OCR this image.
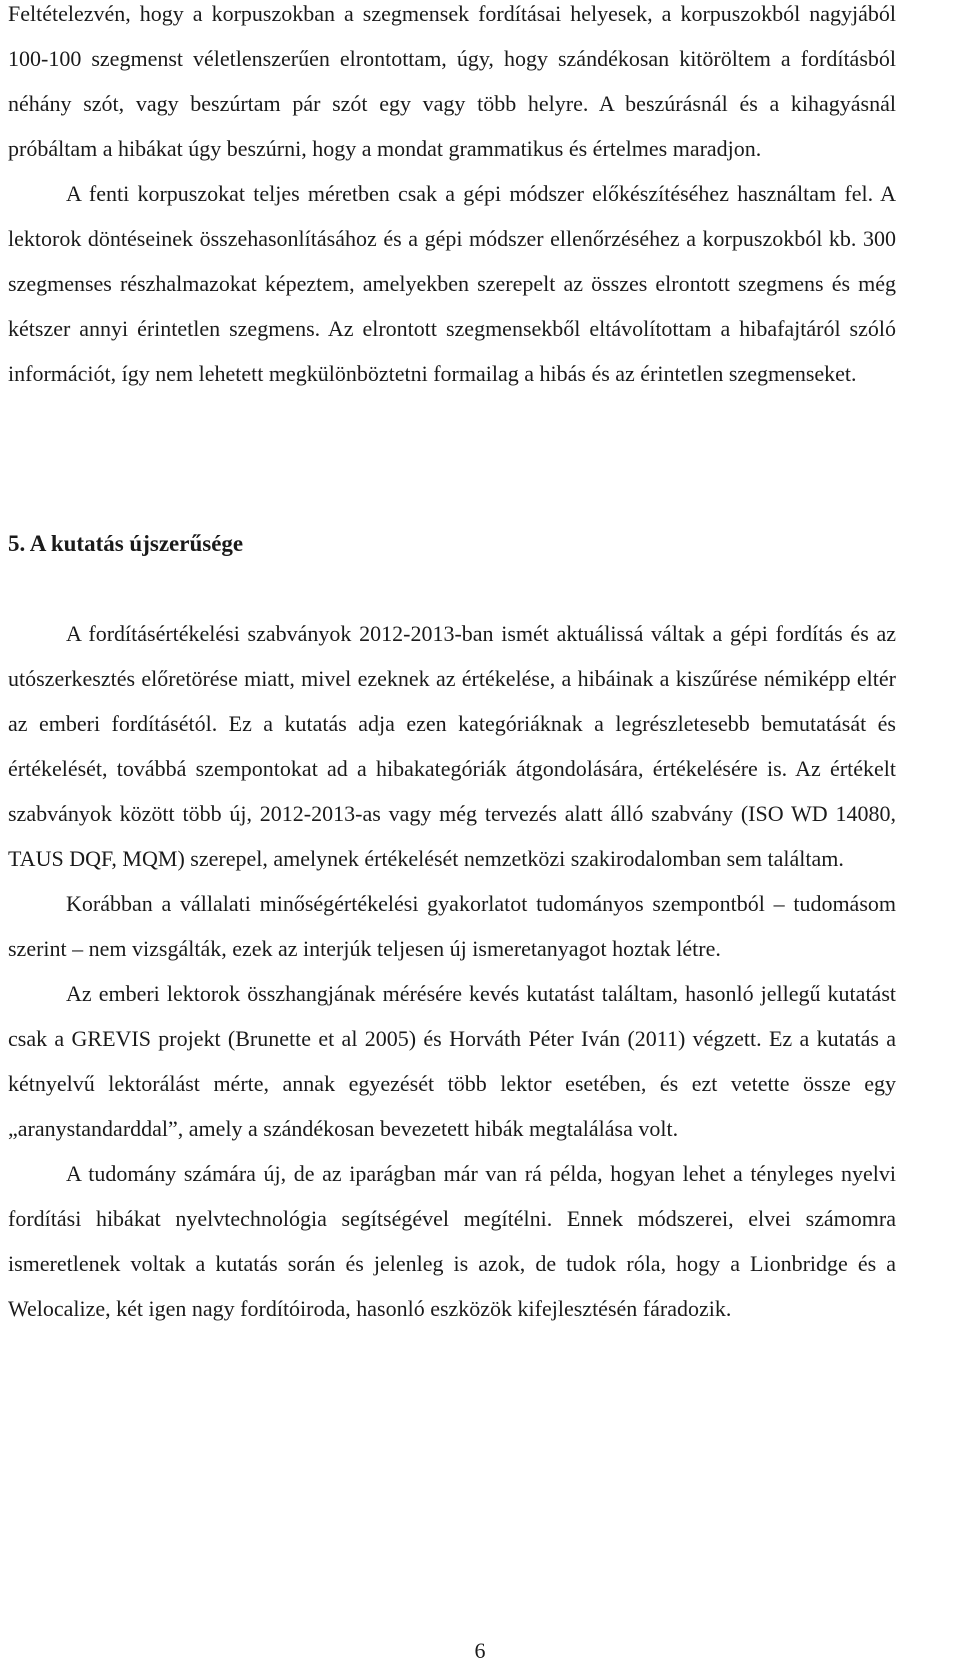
Feltételezvén, hogy a korpuszokban a szegmensek fordításai helyesek, a korpuszokból nagyjából 100-100 szegmenst véletlenszerűen elrontottam, úgy, hogy szándékosan kitöröltem a fordításból néhány szót, vagy beszúrtam pár szót egy vagy több helyre. A beszúrásnál és a kihagyásnál próbáltam a hibákat úgy beszúrni, hogy a mondat grammatikus és értelmes maradjon.

A fenti korpuszokat teljes méretben csak a gépi módszer előkészítéséhez használtam fel. A lektorok döntéseinek összehasonlításához és a gépi módszer ellenőrzéséhez a korpuszokból kb. 300 szegmenses részhalmazokat képeztem, amelyekben szerepelt az összes elrontott szegmens és még kétszer annyi érintetlen szegmens. Az elrontott szegmensekből eltávolítottam a hibafajtáról szóló információt, így nem lehetett megkülönböztetni formailag a hibás és az érintetlen szegmenseket.

5. A kutatás újszerűsége

A fordításértékelési szabványok 2012-2013-ban ismét aktuálissá váltak a gépi fordítás és az utószerkesztés előretörése miatt, mivel ezeknek az értékelése, a hibáinak a kiszűrése némiképp eltér az emberi fordításétól. Ez a kutatás adja ezen kategóriáknak a legrészletesebb bemutatását és értékelését, továbbá szempontokat ad a hibakategóriák átgondolására, értékelésére is. Az értékelt szabványok között több új, 2012-2013-as vagy még tervezés alatt álló szabvány (ISO WD 14080, TAUS DQF, MQM) szerepel, amelynek értékelését nemzetközi szakirodalomban sem találtam.

Korábban a vállalati minőségértékelési gyakorlatot tudományos szempontból – tudomásom szerint – nem vizsgálták, ezek az interjúk teljesen új ismeretanyagot hoztak létre.

Az emberi lektorok összhangjának mérésére kevés kutatást találtam, hasonló jellegű kutatást csak a GREVIS projekt (Brunette et al 2005) és Horváth Péter Iván (2011) végzett. Ez a kutatás a kétnyelvű lektorálást mérte, annak egyezését több lektor esetében, és ezt vetette össze egy „aranystandarddal”, amely a szándékosan bevezetett hibák megtalálása volt.

A tudomány számára új, de az iparágban már van rá példa, hogyan lehet a tényleges nyelvi fordítási hibákat nyelvtechnológia segítségével megítélni. Ennek módszerei, elvei számomra ismeretlenek voltak a kutatás során és jelenleg is azok, de tudok róla, hogy a Lionbridge és a Welocalize, két igen nagy fordítóiroda, hasonló eszközök kifejlesztésén fáradozik.

6
